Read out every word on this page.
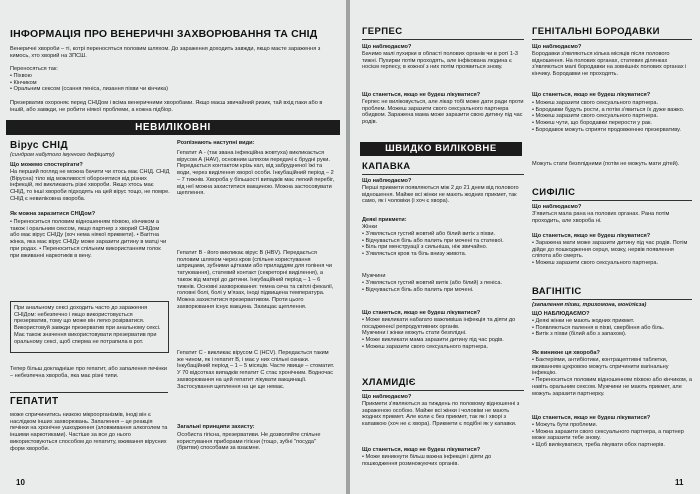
ІНФОРМАЦІЯ ПРО ВЕНЕРИЧНІ ЗАХВОРЮВАННЯ ТА СНІД
Венеричні хвороби – ті, котрі переносяться половим шляхом. До зараження доходить завжди, якщо маєте зараження з кимось, хто хворий на ЗПСШ.
Переносяться так:
• Піхвою
• Кінчиком
• Оральним сексом (ссання пеніса, лизання піхви чи кінчика)
Презерватив охороняє перед СНІДом і всіма венеричними хворобами. Якщо маєш звичайний ризик, тай вхід паки або в іншій, або завжди, не робити ніякої проблеми, а кожна підбіор.
НЕВИЛІКОВНІ
Вірус СНІД
(синдром набутого імунного дефіциту)
Що можемо спостерігати?
На перший погляд не можна бачити чи хтось має СНІД. СНІД (Вірусна) тіло від можливості оборонятися від різних інфекцій, які викликають різні хвороби. Якщо хтось має СНІД, то інші хвороби підходять на цей вірус тощо, не помре. СНІД є невиліковна хвороба.
Як можна заразитися СНІДом?
• Переноситься половим відношенням піхвою, кінчиком а також і оральним сексом, якщо партнер з хворий СНІДом або має вірус СНІДу (хоч нема ніякої прикмети). • Вагітна жінка, яка має вірус СНІДу може заразити дитину в матці чи при родах. • Переноситься спільним використанням голок при вживанні наркотиків в вену.
При анальному сексі доходить часто до зараження СНІДом: небезпечно і якщо використовується презерватив, тому що може він легко розірватися. Використовуй завжди презерватив при анальному сексі. Має також значення використовувати презерватив при оральному сексі, щоб сперма не потрапила в рот.
Тепер більш докладніше про гепатит, або запалення печінки – небезпечна хвороба, яка має різні типи.
ГЕПАТИТ
може спричинитись низкою мікроорганізмів, іноді він є наслідком інших захворювань. Запалення – це реакція печінки на хронічне ушкодження (зловживання алкоголем та іншими наркотиками). Частіше за все до нього використовуються способом до гепатиту, вживання вірусних форм хвороби.
Розпізнають наступні види:
Гепатит А - (так звана інфекційна жовтуха) викликається вірусом А (HAV), основним шляхом передачі є брудні руки. Передається контактом крізь кал, від забрудненої їжі та води, через виділення хворої особи. Інкубаційний період – 2 – 7 тижнів. Хвороба у більшості випадків має легкий перебіг, від неї можна захиститися вакциною. Можна застосовувати щеплення.
Гепатит В - його викликає вірус В (HBV). Передається половим шляхом через кров (спільне користування шприцами, зубними щітками або приладдям для гоління чи татуювання), статевий контакт (секреторні виділення), а також від матері до дитини. Інкубаційний період – 1 – 6 тижнів. Основні захворювання: темна сеча та світлі фекалії, головні болі, болі у м'язах, іноді підвищена температура. Можна захиститися презервативом. Проти цього захворювання існує вакцина. Захищає щеплення.
Гепатит С - викликає вірусом С (HCV). Передається таким же чином, як і гепатит В, і має у них спільні ознаки. Інкубаційний період – 1 – 5 місяців. Часте явище – стоматит. У 70 відсотках випадків гепатит С стає хронічним. Водночас захворювання на цей гепатит лікувати вакцинації. Застосування щеплення на це ще немає.
Загальні принципи захисту:
Особиста гігієна, презервативи. Не дозволяйте спільне користування приборами гігієни (тощо, зубні "посуда" (бритви) способами за взаємне.
10
ГЕРПЕС
Що наблюдаємо?
Бачимо малі пухирки в області полових органів чи в роті 1-3 тижні. Пухирки потім проходять, але інфікована людина є носієм герпесу, в кожної з них потім проявиться знову.
Що станеться, якщо не будеш лікуватися?
Герпес не виліковується, але лікар тобі може дати ради проти проблем. Можеш заразити свого сексуального партнера обидвом. Заражена мама може заразити свою дитину під час родів.
ГЕНІТАЛЬНІ БОРОДАВКИ
Що наблюдаємо?
Бородавки з'являються кілька місяців після полового відношення. На полових органах, статевих ділянках з'являються малі бородавки на зовнішніх полових органах і кінчику. Бородавки не проходять.
Що станеться, якщо не будеш лікуватися?
• Можеш заразити свого сексуального партнера.
• Бородавки будуть рости, а потім з'явиться їх дуже важко.
• Можеш заразити свого сексуального партнера.
• Можеш чути, що бородавки перерости у рак.
• Бородавок можуть сприяти продовженню презервативу.
ШВИДКО ВИЛІКОВНЕ
КАПАВКА
Що наблюдаємо?
Перші прикмети появляються між 2 до 21 днем від полового відношення. Майже всі жінки не мають жодних прикмет, так само, як і чоловіки (і хоч є хвора).
Деякі прикмети:
Жінки
• З'являється густий жовтий або білий витік з піхви.
• Відчувається біль або палить при мочені та статевої.
• Біль при менструації з сильніша, ніж звичайно.
• З'являється кров та біль внизу живота.
Мужчини
• З'являється густий жовтий витік (або білий) з пеніса.
• Відчувається біль або палить при мочені.
Що станеться, якщо не будеш лікуватися?
• Може викликати набагато важливіша інфекція та діяти до посадженнєї репродуктивних органів.
Мужчини і жінки можуть стати безплідні.
• Може викликати мама заразити дитину під час родів.
• Можеш заразити свого сексуального партнера.
ХЛАМИДІЄ
Що наблюдаємо?
Прикмети з'являються за тиждень по половому відношенні з зараженою особою. Майже всі жінки і чоловіки не мають жодних прикмет. Але коли є без прикмет, так як і хворі з капавкою (хоч не є хвора). Прикмети є подібні як у капавки.
Що станеться, якщо не будеш лікуватися?
• Може виникнути більш важна інфекція і діяти до пошкодження розмножуючих органів.
Можуть стати безплідними (потім не можуть мати дітей).
СИФІЛІС
Що наблюдаємо?
З'явиться мала рана на полових органах. Рана потім проходить, але хвороба ні.
Що станеться, якщо не будеш лікуватися?
• Заражена мати може заразити дитину під час родів. Потім дійде до пошкодження серця, мозку, нервів появлення сліпота або смерть.
• Можеш заразити свого сексуального партнера.
ВАГІНІТІС
(запалення піхви, трихомона, монілієза)
ЩО НАБЛЮДАЄМО?
• Деякі жінки не мають жодних прикмет.
• Появляються палення в піхві, свербіння або біль.
• Витік з піхви (білий або з запахом).
Як виникне ця хвороба?
• Бактеріями, антибіотики, контрацептивні таблетки, вживанням цукровою можуть спричинити вагінальну інфекцію.
• Переноситься половим відношенням піхвою або кінчиком, а навіть оральним сексом. Мужчини не мають прикмет, але можуть заразити партнерку.
Що станеться, якщо не будеш лікуватися?
• Можуть бути проблеми.
• Можна заразити свого сексуального партнера, а партнер може заразити тебе знову.
• Щоб вилікуватися, треба лікувати обох партнерів.
11
